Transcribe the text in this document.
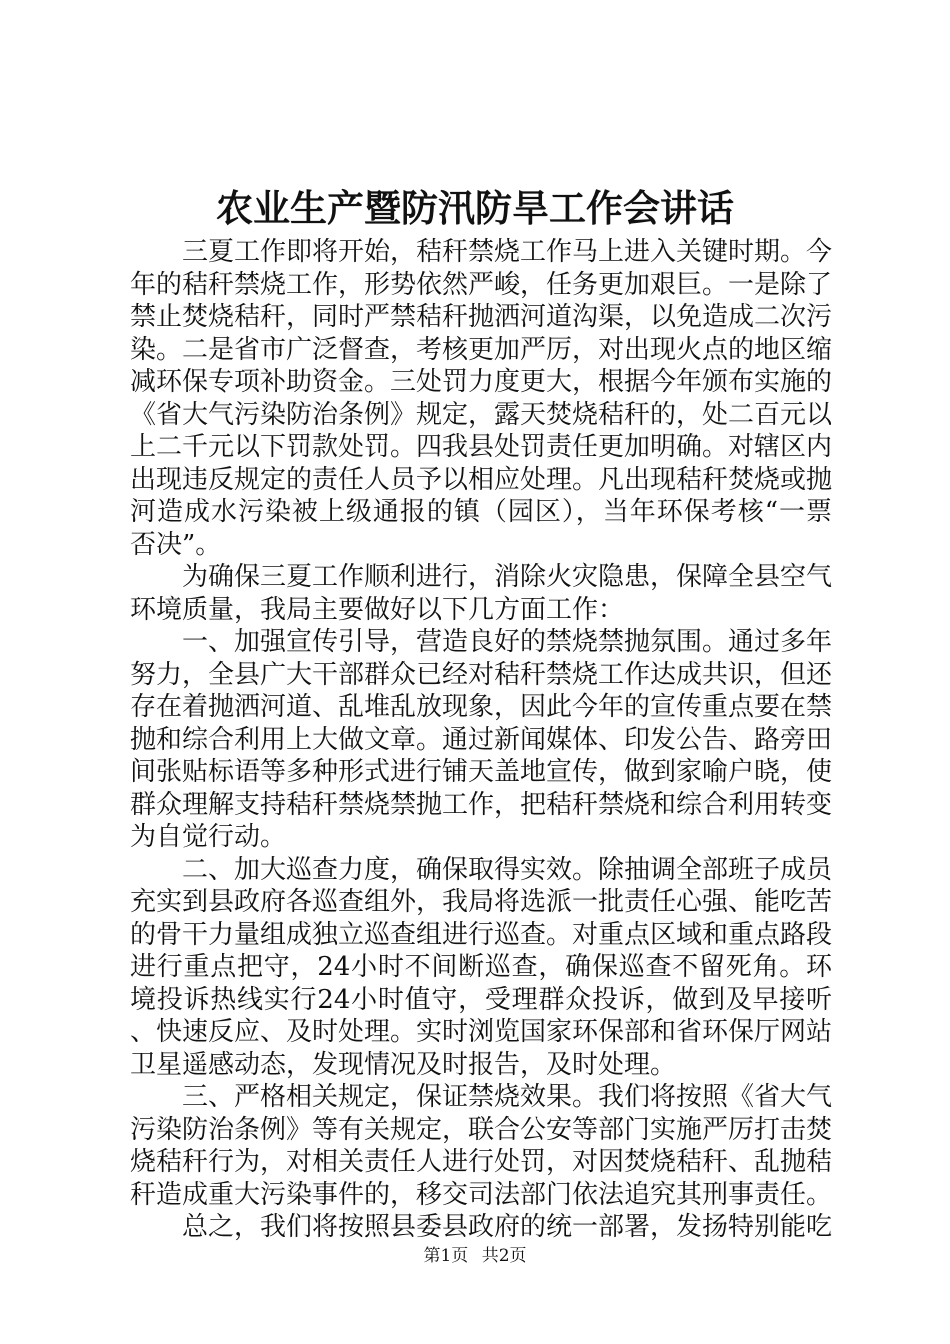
农业生产暨防汛防旱工作会讲话

三夏工作即将开始，秸秆禁烧工作马上进入关键时期。今年的秸秆禁烧工作，形势依然严峻，任务更加艰巨。一是除了禁止焚烧秸秆，同时严禁秸秆抛洒河道沟渠，以免造成二次污染。二是省市广泛督查，考核更加严厉，对出现火点的地区缩减环保专项补助资金。三处罚力度更大，根据今年颁布实施的《省大气污染防治条例》规定，露天焚烧秸秆的，处二百元以上二千元以下罚款处罚。四我县处罚责任更加明确。对辖区内出现违反规定的责任人员予以相应处理。凡出现秸秆焚烧或抛河造成水污染被上级通报的镇（园区），当年环保考核“一票否决”。

为确保三夏工作顺利进行，消除火灾隐患，保障全县空气环境质量，我局主要做好以下几方面工作：

一、加强宣传引导，营造良好的禁烧禁抛氛围。通过多年努力，全县广大干部群众已经对秸秆禁烧工作达成共识，但还存在着抛洒河道、乱堆乱放现象，因此今年的宣传重点要在禁抛和综合利用上大做文章。通过新闻媒体、印发公告、路旁田间张贴标语等多种形式进行铺天盖地宣传，做到家喻户晓，使群众理解支持秸秆禁烧禁抛工作，把秸秆禁烧和综合利用转变为自觉行动。

二、加大巡查力度，确保取得实效。除抽调全部班子成员充实到县政府各巡查组外，我局将选派一批责任心强、能吃苦的骨干力量组成独立巡查组进行巡查。对重点区域和重点路段进行重点把守，24小时不间断巡查，确保巡查不留死角。环境投诉热线实行24小时值守，受理群众投诉，做到及早接听、快速反应、及时处理。实时浏览国家环保部和省环保厅网站卫星遥感动态，发现情况及时报告，及时处理。

三、严格相关规定，保证禁烧效果。我们将按照《省大气污染防治条例》等有关规定，联合公安等部门实施严厉打击焚烧秸秆行为，对相关责任人进行处罚，对因焚烧秸秆、乱抛秸秆造成重大污染事件的，移交司法部门依法追究其刑事责任。

总之，我们将按照县委县政府的统一部署，发扬特别能吃

第1页 共2页
